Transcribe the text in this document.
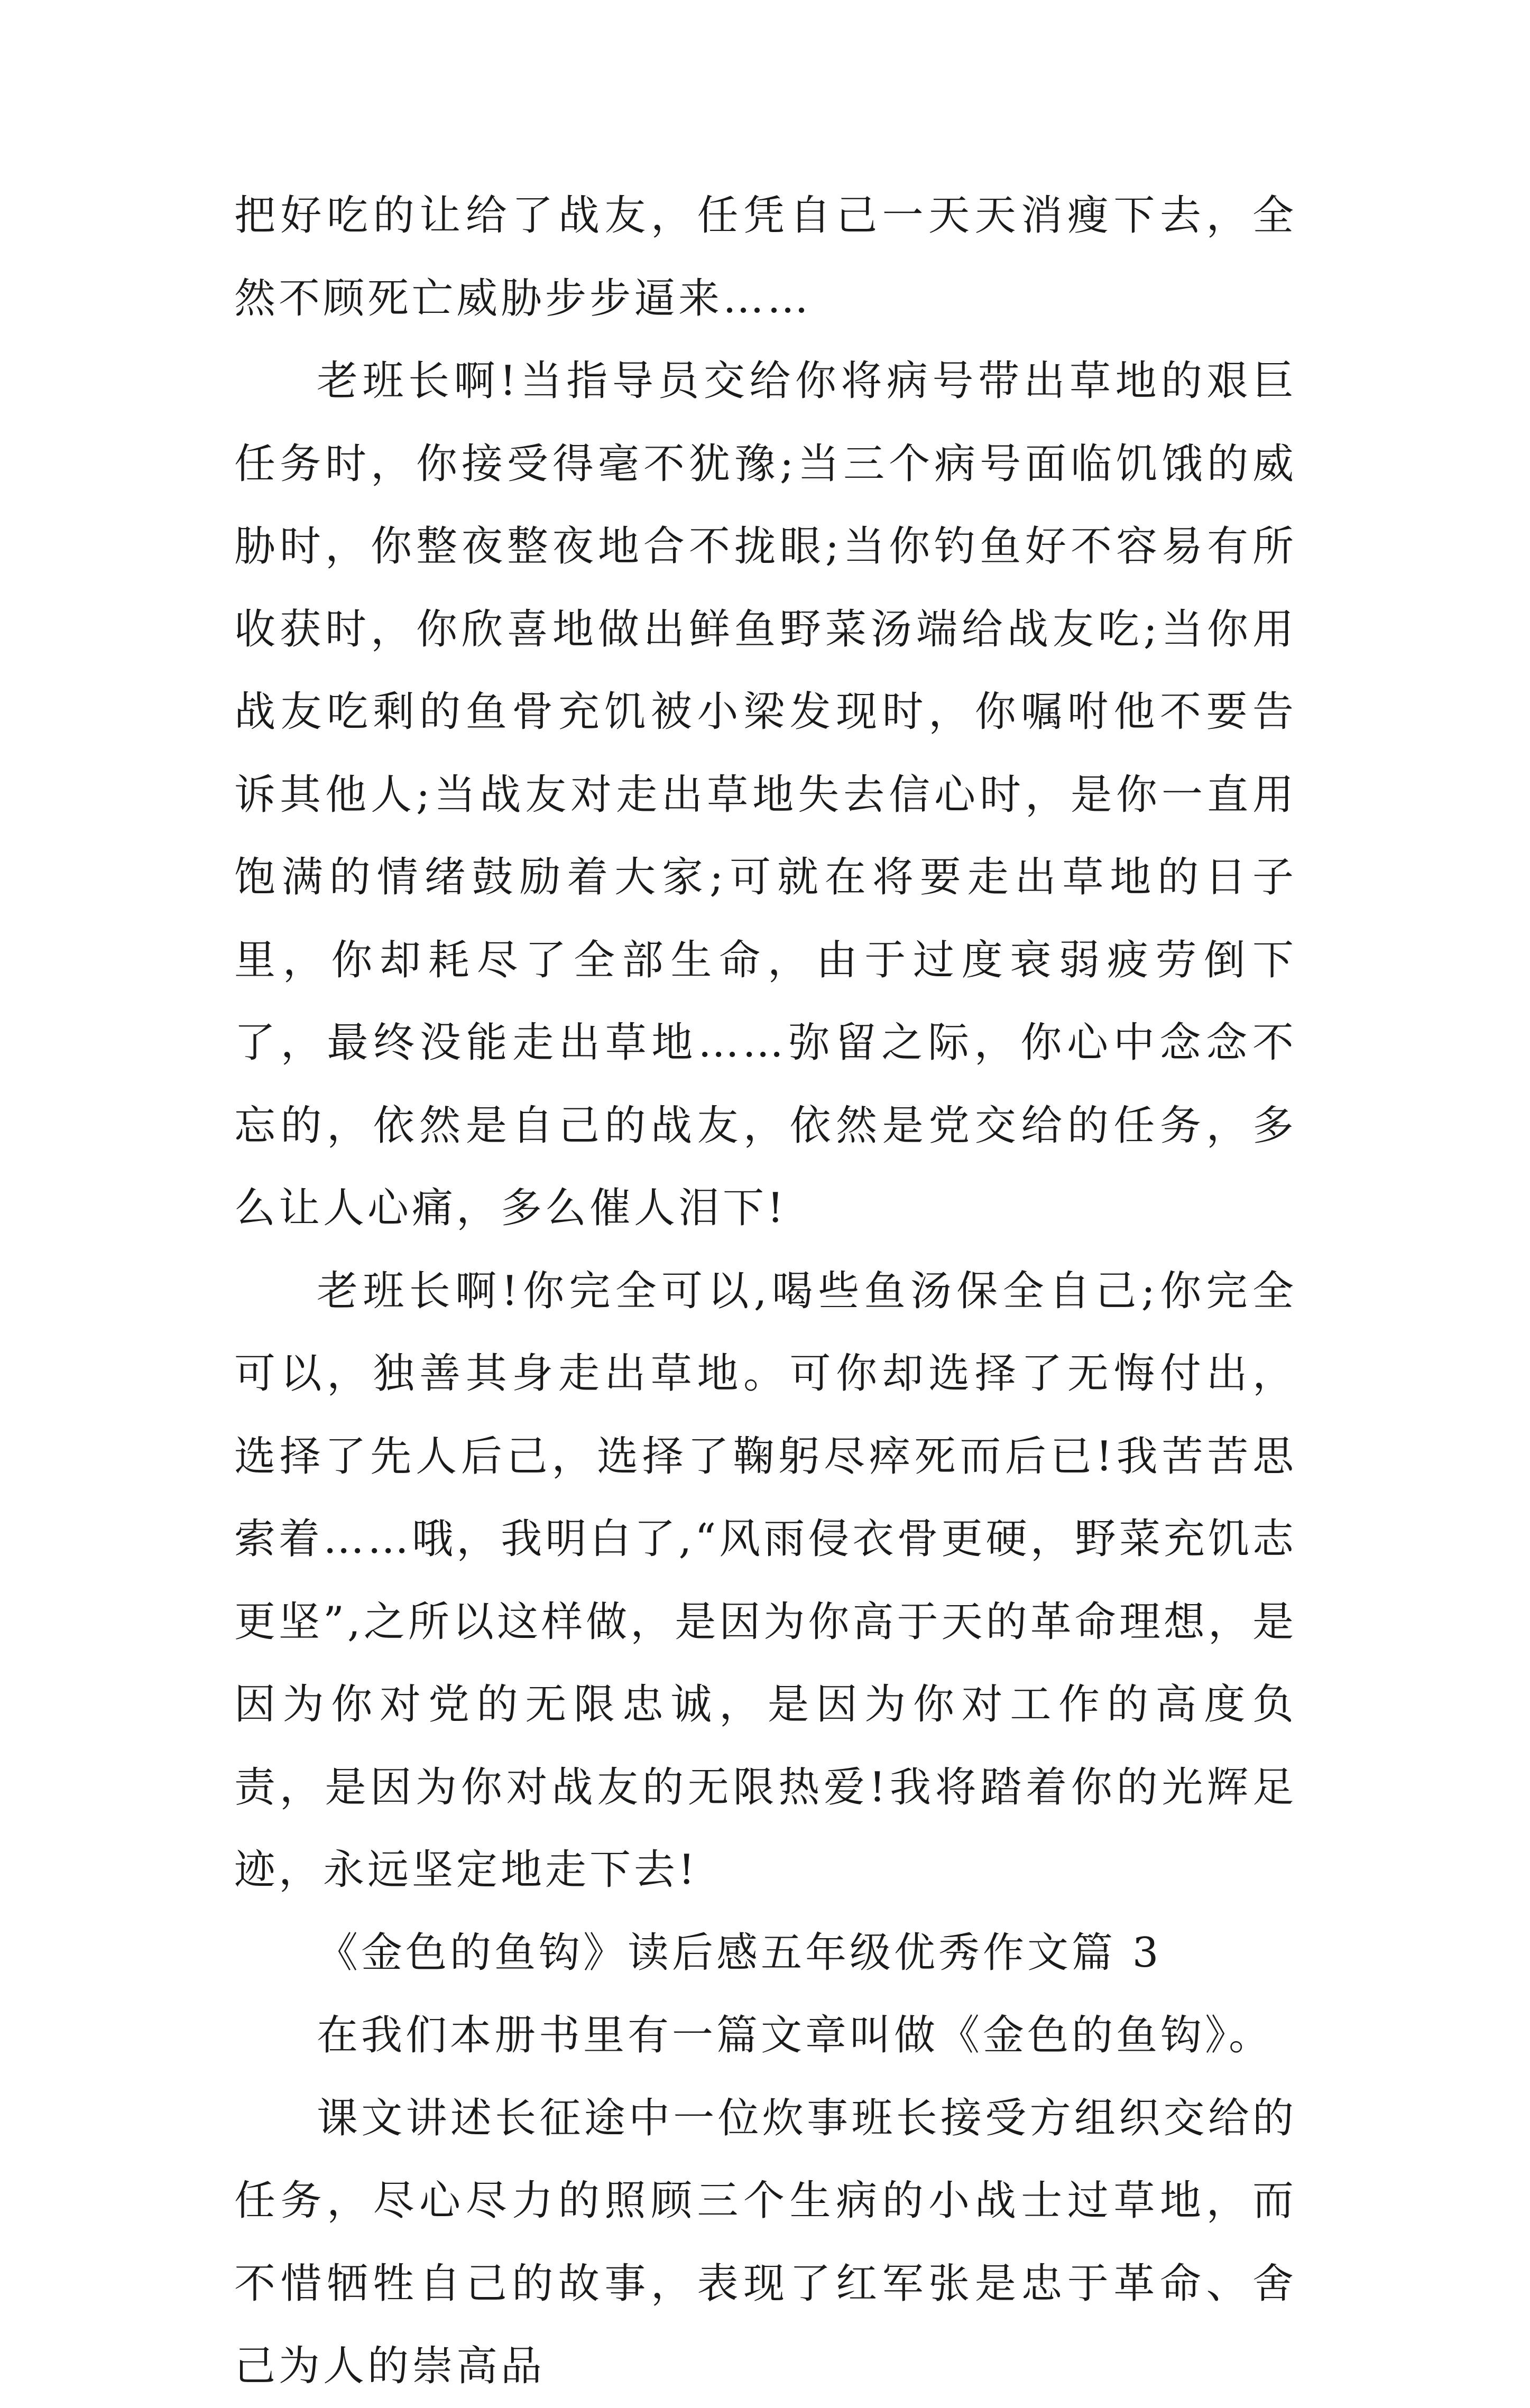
把好吃的让给了战友，任凭自己一天天消瘦下去，全然不顾死亡威胁步步逼来……

老班长啊!当指导员交给你将病号带出草地的艰巨任务时，你接受得毫不犹豫;当三个病号面临饥饿的威胁时，你整夜整夜地合不拢眼;当你钓鱼好不容易有所收获时，你欣喜地做出鲜鱼野菜汤端给战友吃;当你用战友吃剩的鱼骨充饥被小梁发现时，你嘱咐他不要告诉其他人;当战友对走出草地失去信心时，是你一直用饱满的情绪鼓励着大家;可就在将要走出草地的日子里，你却耗尽了全部生命，由于过度衰弱疲劳倒下了，最终没能走出草地……弥留之际，你心中念念不忘的，依然是自己的战友，依然是党交给的任务，多么让人心痛，多么催人泪下!

老班长啊!你完全可以,喝些鱼汤保全自己;你完全可以，独善其身走出草地。可你却选择了无悔付出，选择了先人后己，选择了鞠躬尽瘁死而后已!我苦苦思索着……哦，我明白了,“风雨侵衣骨更硬，野菜充饥志更坚”,之所以这样做，是因为你高于天的革命理想，是因为你对党的无限忠诚，是因为你对工作的高度负责，是因为你对战友的无限热爱!我将踏着你的光辉足迹，永远坚定地走下去!

《金色的鱼钩》读后感五年级优秀作文篇 3

在我们本册书里有一篇文章叫做《金色的鱼钩》。

课文讲述长征途中一位炊事班长接受方组织交给的任务，尽心尽力的照顾三个生病的小战士过草地，而不惜牺牲自己的故事，表现了红军张是忠于革命、舍己为人的崇高品
